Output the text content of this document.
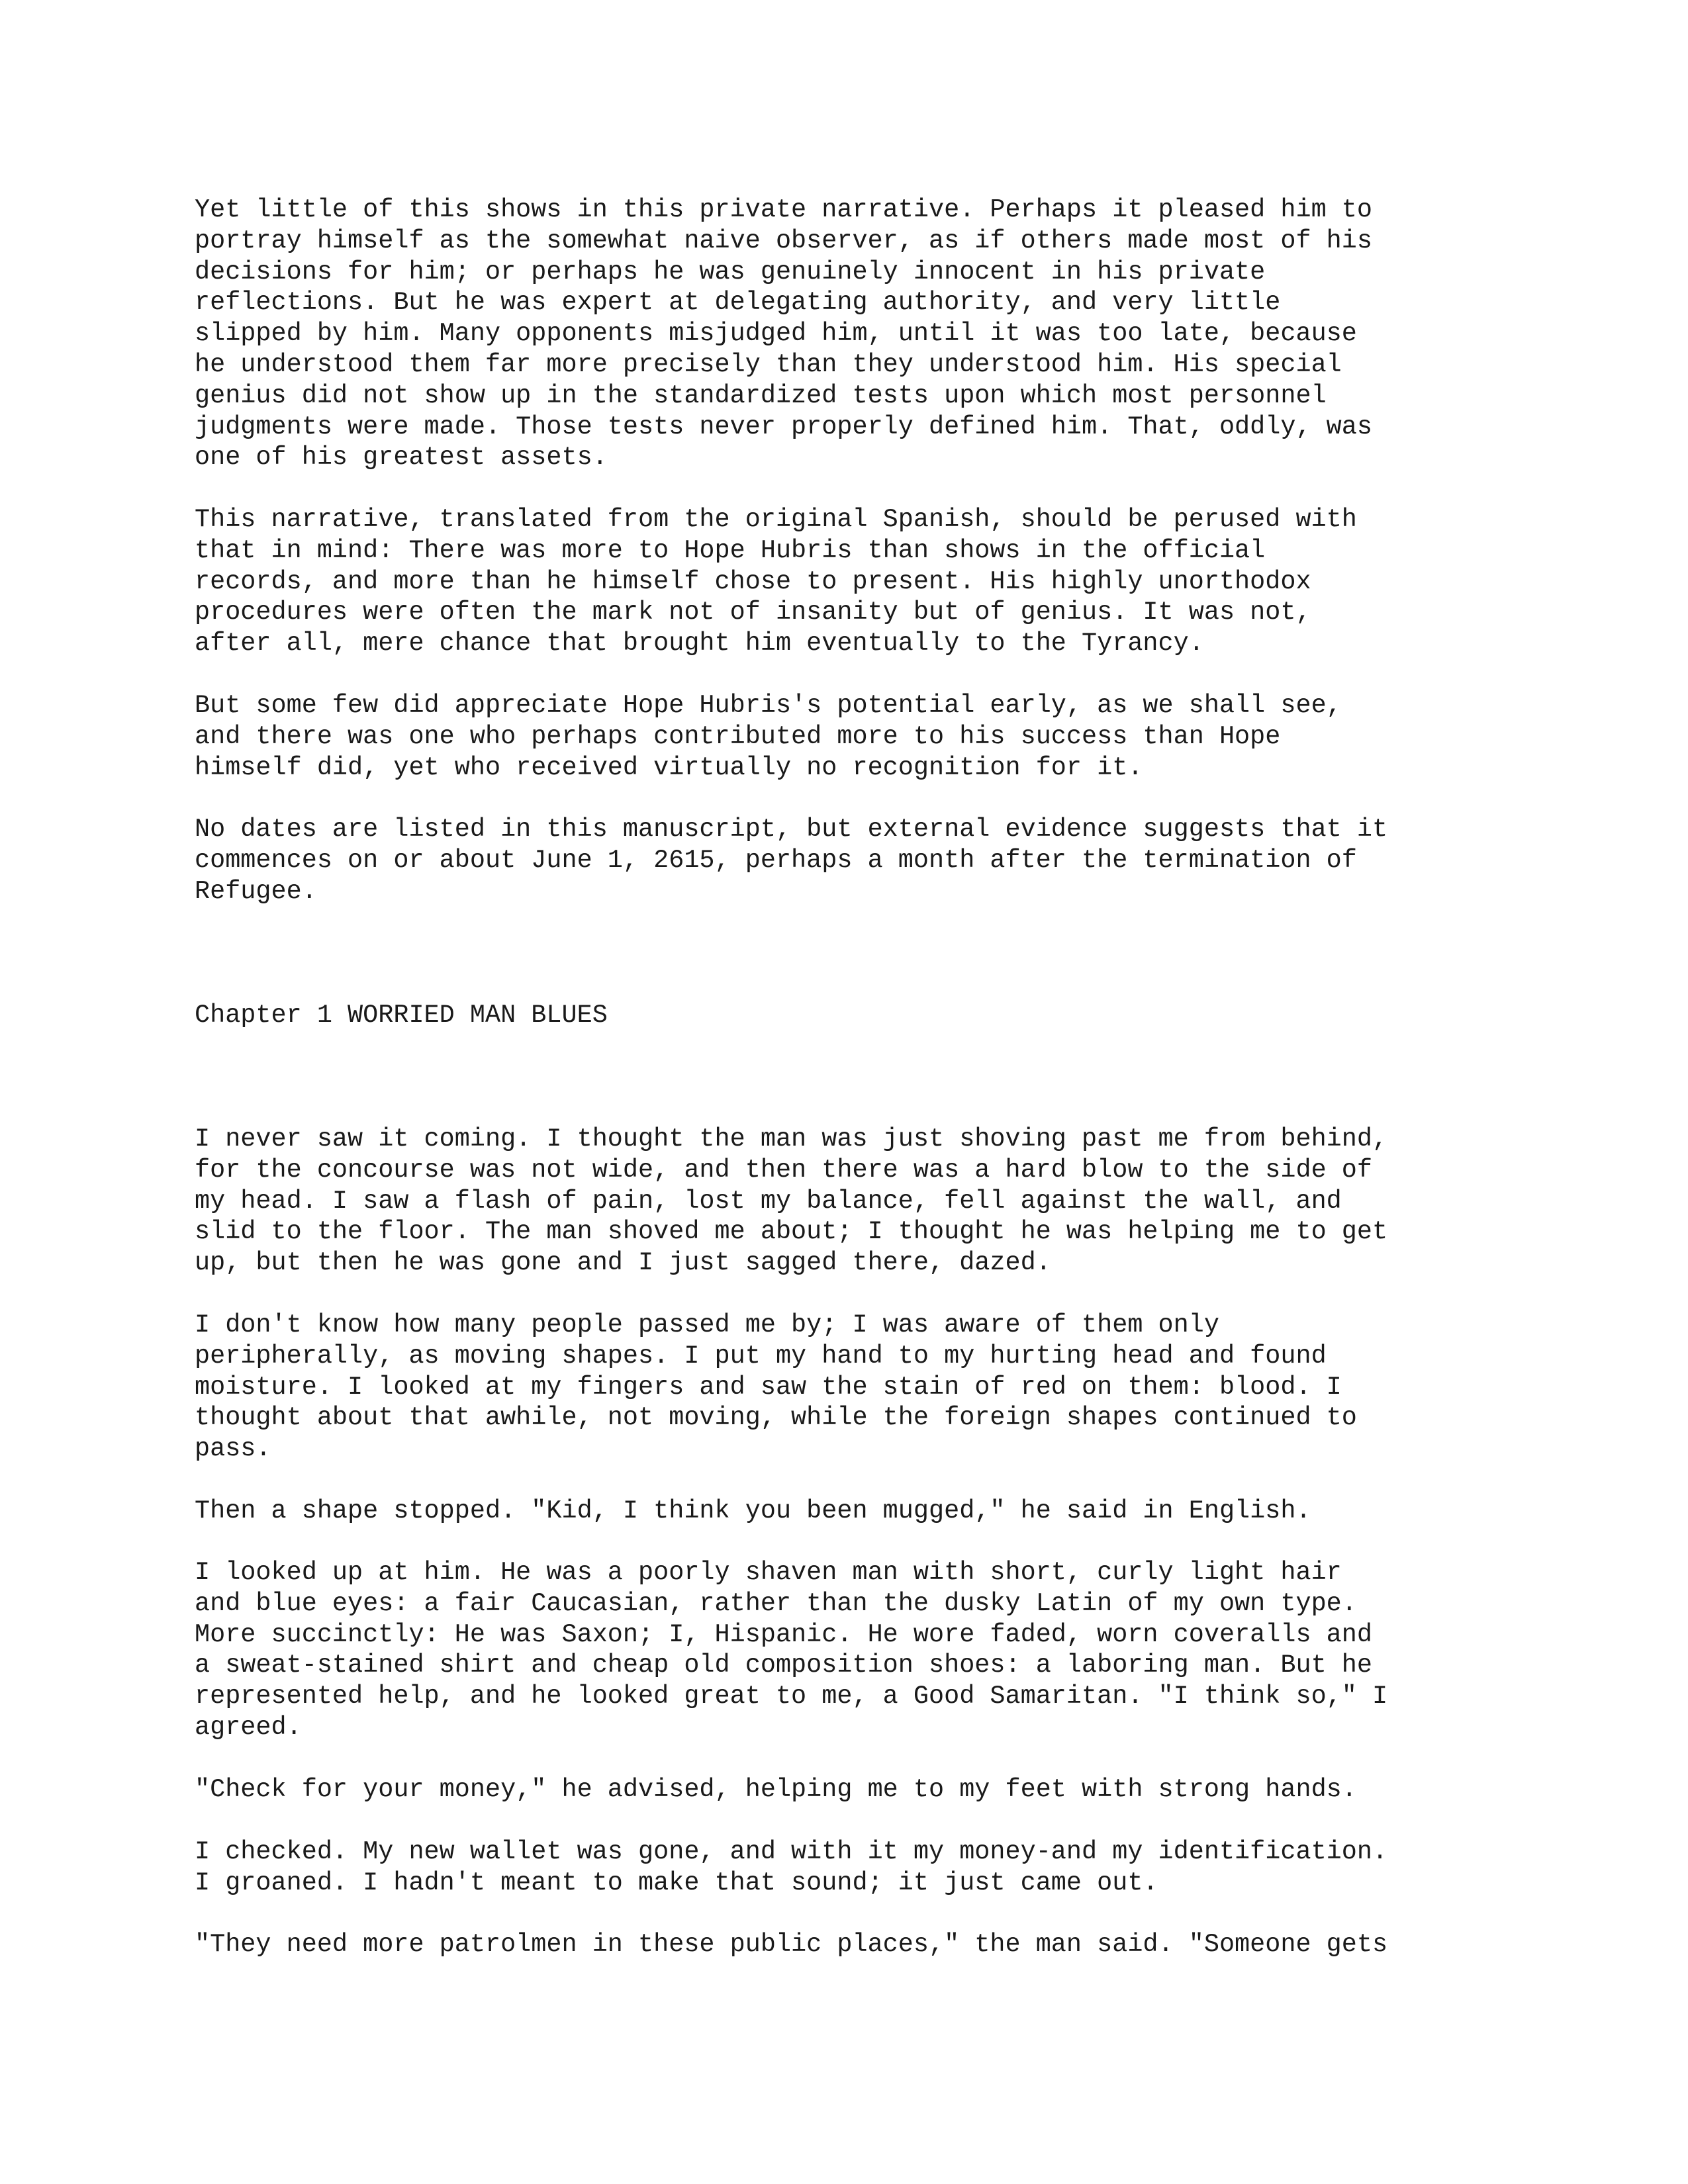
Yet little of this shows in this private narrative. Perhaps it pleased him to
portray himself as the somewhat naive observer, as if others made most of his
decisions for him; or perhaps he was genuinely innocent in his private
reflections. But he was expert at delegating authority, and very little
slipped by him. Many opponents misjudged him, until it was too late, because
he understood them far more precisely than they understood him. His special
genius did not show up in the standardized tests upon which most personnel
judgments were made. Those tests never properly defined him. That, oddly, was
one of his greatest assets.

This narrative, translated from the original Spanish, should be perused with
that in mind: There was more to Hope Hubris than shows in the official
records, and more than he himself chose to present. His highly unorthodox
procedures were often the mark not of insanity but of genius. It was not,
after all, mere chance that brought him eventually to the Tyrancy.

But some few did appreciate Hope Hubris's potential early, as we shall see,
and there was one who perhaps contributed more to his success than Hope
himself did, yet who received virtually no recognition for it.

No dates are listed in this manuscript, but external evidence suggests that it
commences on or about June 1, 2615, perhaps a month after the termination of
Refugee.

Chapter 1 WORRIED MAN BLUES

I never saw it coming. I thought the man was just shoving past me from behind,
for the concourse was not wide, and then there was a hard blow to the side of
my head. I saw a flash of pain, lost my balance, fell against the wall, and
slid to the floor. The man shoved me about; I thought he was helping me to get
up, but then he was gone and I just sagged there, dazed.

I don't know how many people passed me by; I was aware of them only
peripherally, as moving shapes. I put my hand to my hurting head and found
moisture. I looked at my fingers and saw the stain of red on them: blood. I
thought about that awhile, not moving, while the foreign shapes continued to
pass.

Then a shape stopped. "Kid, I think you been mugged," he said in English.

I looked up at him. He was a poorly shaven man with short, curly light hair
and blue eyes: a fair Caucasian, rather than the dusky Latin of my own type.
More succinctly: He was Saxon; I, Hispanic. He wore faded, worn coveralls and
a sweat-stained shirt and cheap old composition shoes: a laboring man. But he
represented help, and he looked great to me, a Good Samaritan. "I think so," I
agreed.

"Check for your money," he advised, helping me to my feet with strong hands.

I checked. My new wallet was gone, and with it my money-and my identification.
I groaned. I hadn't meant to make that sound; it just came out.

"They need more patrolmen in these public places," the man said. "Someone gets
